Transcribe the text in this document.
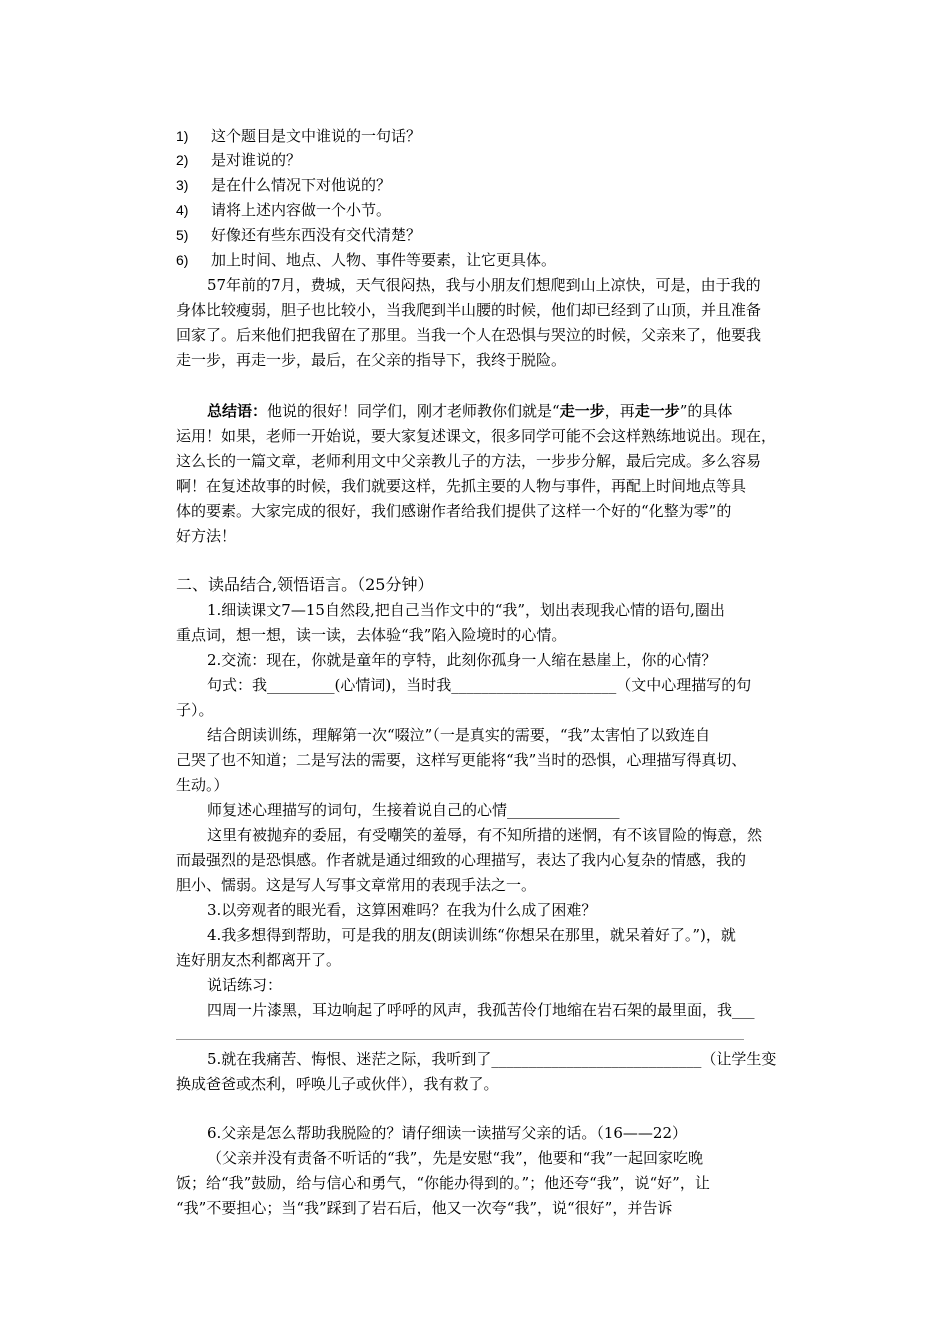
1) 这个题目是文中谁说的一句话？
2) 是对谁说的？
3) 是在什么情况下对他说的？
4) 请将上述内容做一个小节。
5) 好像还有些东西没有交代清楚？
6) 加上时间、地点、人物、事件等要素，让它更具体。
57年前的7月，费城，天气很闷热，我与小朋友们想爬到山上凉快，可是，由于我的
身体比较瘦弱，胆子也比较小，当我爬到半山腰的时候，他们却已经到了山顶，并且准备
回家了。后来他们把我留在了那里。当我一个人在恐惧与哭泣的时候，父亲来了，他要我
走一步，再走一步，最后，在父亲的指导下，我终于脱险。
总结语：他说的很好！同学们，刚才老师教你们就是“走一步，再走一步”的具体
运用！如果，老师一开始说，要大家复述课文，很多同学可能不会这样熟练地说出。现在，
这么长的一篇文章，老师利用文中父亲教儿子的方法，一步步分解，最后完成。多么容易
啊！在复述故事的时候，我们就要这样，先抓主要的人物与事件，再配上时间地点等具
体的要素。大家完成的很好，我们感谢作者给我们提供了这样一个好的“化整为零”的
好方法！
二、读品结合,领悟语言。（25分钟）
1.细读课文7—15自然段,把自己当作文中的“我”，划出表现我心情的语句,圈出
重点词，想一想，读一读，去体验“我”陷入险境时的心情。
2.交流：现在，你就是童年的亨特，此刻你孤身一人缩在悬崖上，你的心情？
句式：我_________(心情词)，当时我______________________（文中心理描写的句
子）。
结合朗读训练，理解第一次“啜泣”（一是真实的需要，“我”太害怕了以致连自
己哭了也不知道；二是写法的需要，这样写更能将“我”当时的恐惧，心理描写得真切、
生动。）
师复述心理描写的词句，生接着说自己的心情_______________
这里有被抛弃的委屈，有受嘲笑的羞辱，有不知所措的迷惘，有不该冒险的悔意，然
而最强烈的是恐惧感。作者就是通过细致的心理描写，表达了我内心复杂的情感，我的
胆小、懦弱。这是写人写事文章常用的表现手法之一。
3.以旁观者的眼光看，这算困难吗？在我为什么成了困难？
4.我多想得到帮助，可是我的朋友(朗读训练“你想呆在那里，就呆着好了。”)，就
连好朋友杰利都离开了。
说话练习：
四周一片漆黑，耳边响起了呼呼的风声，我孤苦伶仃地缩在岩石架的最里面，我___
5.就在我痛苦、悔恨、迷茫之际，我听到了____________________________（让学生变
换成爸爸或杰利，呼唤儿子或伙伴），我有救了。
6.父亲是怎么帮助我脱险的？请仔细读一读描写父亲的话。（16——22）
（父亲并没有责备不听话的“我”，先是安慰“我”，他要和“我”一起回家吃晚
饭；给“我”鼓励，给与信心和勇气，“你能办得到的。”；他还夸“我”，说“好”，让
“我”不要担心；当“我”踩到了岩石后，他又一次夸“我”，说“很好”，并告诉
